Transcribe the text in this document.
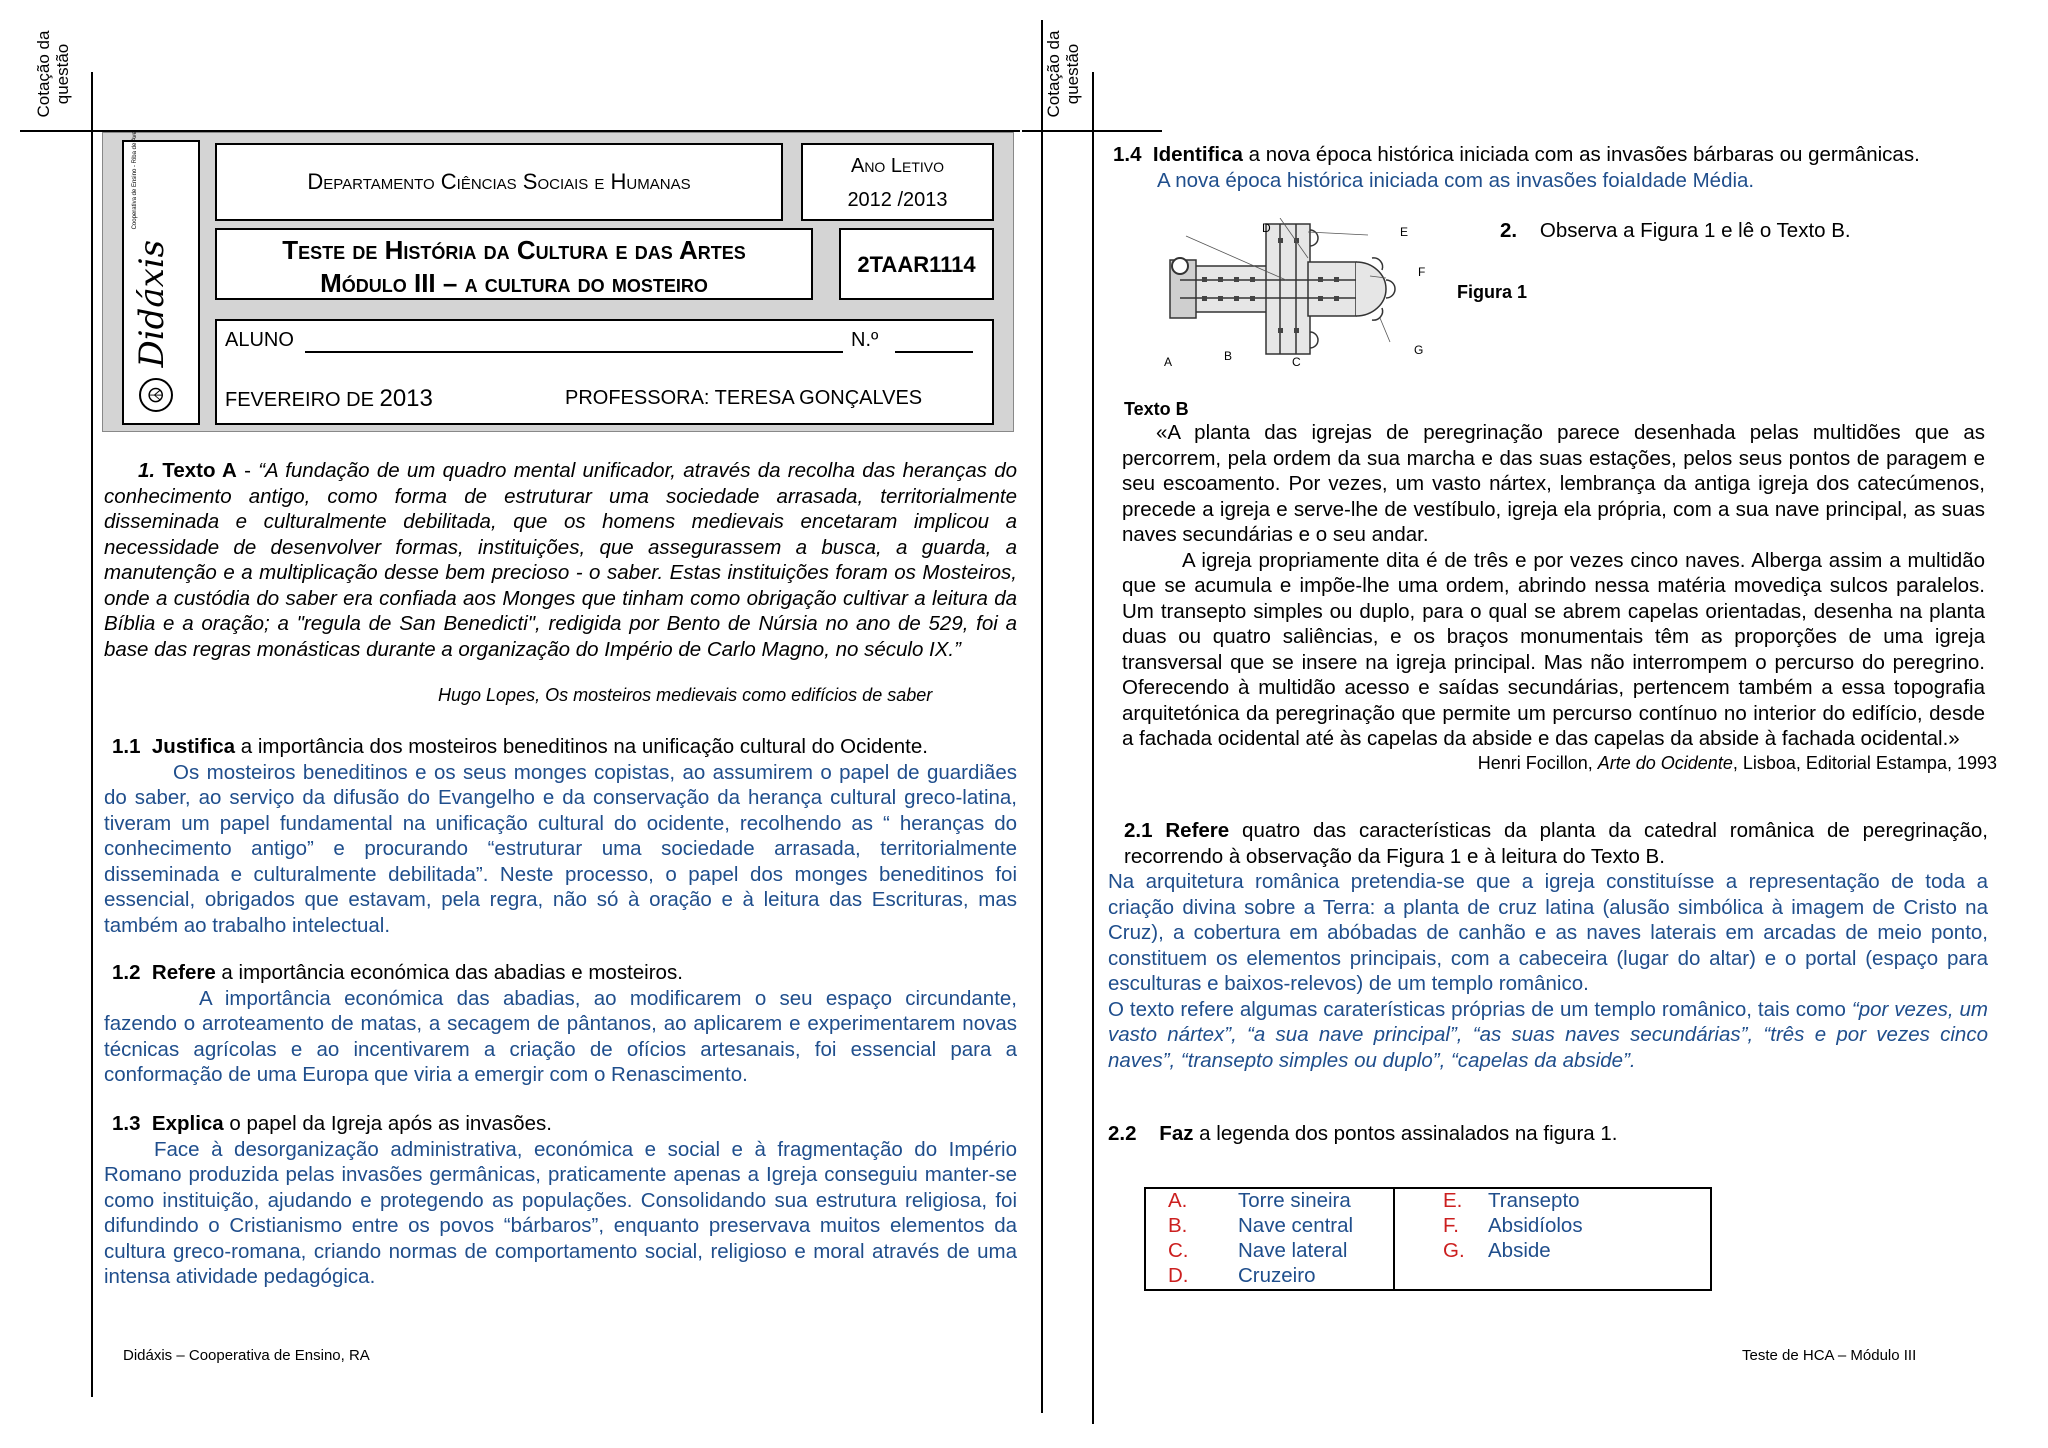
Cotação da questão	Cotação da questão
☮ Didáxis $^{Cooperativa de Ensino - Riba de Ave}$	Departamento Ciências Sociais e Humanas
Ano Letivo
2012 /2013
Teste de História da Cultura e das Artes
Módulo III – a cultura do mosteiro
2TAAR1114
ALUNO	N.º
FEVEREIRO DE 2013	PROFESSORA: TERESA GONÇALVES
1. Texto A - “A fundação de um quadro mental unificador, através da recolha das heranças do conhecimento antigo, como forma de estruturar uma sociedade arrasada, territorialmente disseminada e culturalmente debilitada, que os homens medievais encetaram implicou a necessidade de desenvolver formas, instituições, que assegurassem a busca, a guarda, a manutenção e a multiplicação desse bem precioso - o saber. Estas instituições foram os Mosteiros, onde a custódia do saber era confiada aos Monges que tinham como obrigação cultivar a leitura da Bíblia e a oração; a "regula de San Benedicti", redigida por Bento de Núrsia no ano de 529, foi a base das regras monásticas durante a organização do Império de Carlo Magno, no século IX.”
Hugo Lopes, Os mosteiros medievais como edifícios de saber
1.1 Justifica a importância dos mosteiros beneditinos na unificação cultural do Ocidente.
Os mosteiros beneditinos e os seus monges copistas, ao assumirem o papel de guardiães do saber, ao serviço da difusão do Evangelho e da conservação da herança cultural greco-latina, tiveram um papel fundamental na unificação cultural do ocidente, recolhendo as “ heranças do conhecimento antigo” e procurando “estruturar uma sociedade arrasada, territorialmente disseminada e culturalmente debilitada”. Neste processo, o papel dos monges beneditinos foi essencial, obrigados que estavam, pela regra, não só à oração e à leitura das Escrituras, mas também ao trabalho intelectual.
1.2 Refere a importância económica das abadias e mosteiros.
A importância económica das abadias, ao modificarem o seu espaço circundante, fazendo o arroteamento de matas, a secagem de pântanos, ao aplicarem e experimentarem novas técnicas agrícolas e ao incentivarem a criação de ofícios artesanais, foi essencial para a conformação de uma Europa que viria a emergir com o Renascimento.
1.3 Explica o papel da Igreja após as invasões.
Face à desorganização administrativa, económica e social e à fragmentação do Império Romano produzida pelas invasões germânicas, praticamente apenas a Igreja conseguiu manter-se como instituição, ajudando e protegendo as populações. Consolidando sua estrutura religiosa, foi difundindo o Cristianismo entre os povos “bárbaros”, enquanto preservava muitos elementos da cultura greco-romana, criando normas de comportamento social, religioso e moral através de uma intensa atividade pedagógica.
Didáxis – Cooperativa de Ensino, RA
1.4 Identifica a nova época histórica iniciada com as invasões bárbaras ou germânicas.
A nova época histórica iniciada com as invasões foiaIdade Média.
A	B	C
D	E
F
G
Figura 1
2. Observa a Figura 1 e lê o Texto B.
Texto B
«A planta das igrejas de peregrinação parece desenhada pelas multidões que as percorrem, pela ordem da sua marcha e das suas estações, pelos seus pontos de paragem e seu escoamento. Por vezes, um vasto nártex, lembrança da antiga igreja dos catecúmenos, precede a igreja e serve-lhe de vestíbulo, igreja ela própria, com a sua nave principal, as suas naves secundárias e o seu andar.
A igreja propriamente dita é de três e por vezes cinco naves. Alberga assim a multidão que se acumula e impõe-lhe uma ordem, abrindo nessa matéria movediça sulcos paralelos. Um transepto simples ou duplo, para o qual se abrem capelas orientadas, desenha na planta duas ou quatro saliências, e os braços monumentais têm as proporções de uma igreja transversal que se insere na igreja principal. Mas não interrompem o percurso do peregrino. Oferecendo à multidão acesso e saídas secundárias, pertencem também a essa topografia arquitetónica da peregrinação que permite um percurso contínuo no interior do edifício, desde a fachada ocidental até às capelas da abside e das capelas da abside à fachada ocidental.»
Henri Focillon, Arte do Ocidente, Lisboa, Editorial Estampa, 1993
2.1 Refere quatro das características da planta da catedral românica de peregrinação, recorrendo à observação da Figura 1 e à leitura do Texto B.
Na arquitetura românica pretendia-se que a igreja constituísse a representação de toda a criação divina sobre a Terra: a planta de cruz latina (alusão simbólica à imagem de Cristo na Cruz), a cobertura em abóbadas de canhão e as naves laterais em arcadas de meio ponto, constituem os elementos principais, com a cabeceira (lugar do altar) e o portal (espaço para esculturas e baixos-relevos) de um templo românico.
O texto refere algumas caraterísticas próprias de um templo românico, tais como “por vezes, um vasto nártex”, “a sua nave principal”, “as suas naves secundárias”, “três e por vezes cinco naves”, “transepto simples ou duplo”, “capelas da abside”.
2.2 Faz a legenda dos pontos assinalados na figura 1.
A. Torre sineira
B. Nave central
C. Nave lateral
D. Cruzeiro
E. Transepto
F. Absidíolos
G. Abside
Teste de HCA – Módulo III
